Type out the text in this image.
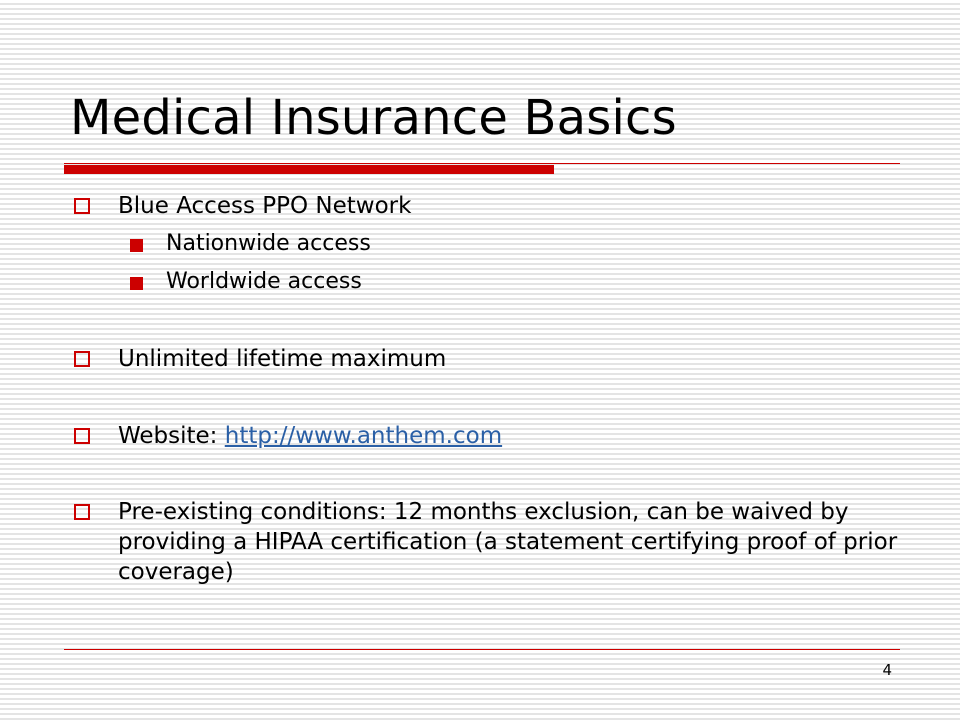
Medical Insurance Basics
Blue Access PPO Network
Nationwide access
Worldwide access
Unlimited lifetime maximum
Website: http://www.anthem.com
Pre-existing conditions: 12 months exclusion, can be waived by providing a HIPAA certification (a statement certifying proof of prior coverage)
4
